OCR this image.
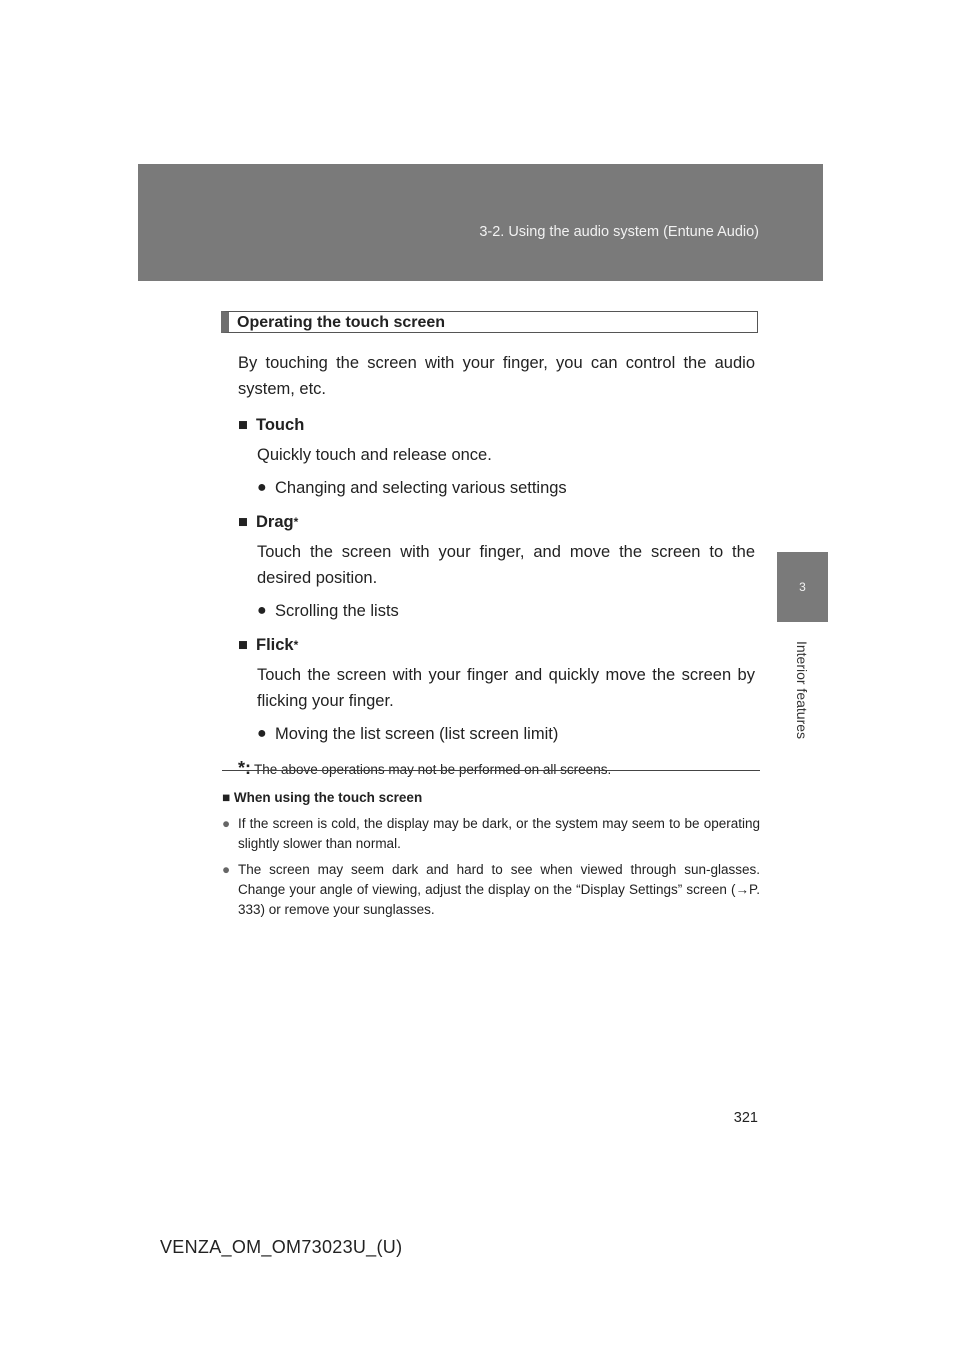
3-2. Using the audio system (Entune Audio)
3
Interior features
Operating the touch screen

By touching the screen with your finger, you can control the audio system, etc.

■ Touch
Quickly touch and release once.
● Changing and selecting various settings
■ Drag *
Touch the screen with your finger, and move the screen to the desired position.
● Scrolling the lists
■ Flick *
Touch the screen with your finger and quickly move the screen by flicking your finger.
● Moving the list screen (list screen limit)
*: The above operations may not be performed on all screens.
■ When using the touch screen
● If the screen is cold, the display may be dark, or the system may seem to be operating slightly slower than normal.
● The screen may seem dark and hard to see when viewed through sun-glasses. Change your angle of viewing, adjust the display on the “Display Settings” screen (→P. 333) or remove your sunglasses.
321
VENZA_OM_OM73023U_(U)
